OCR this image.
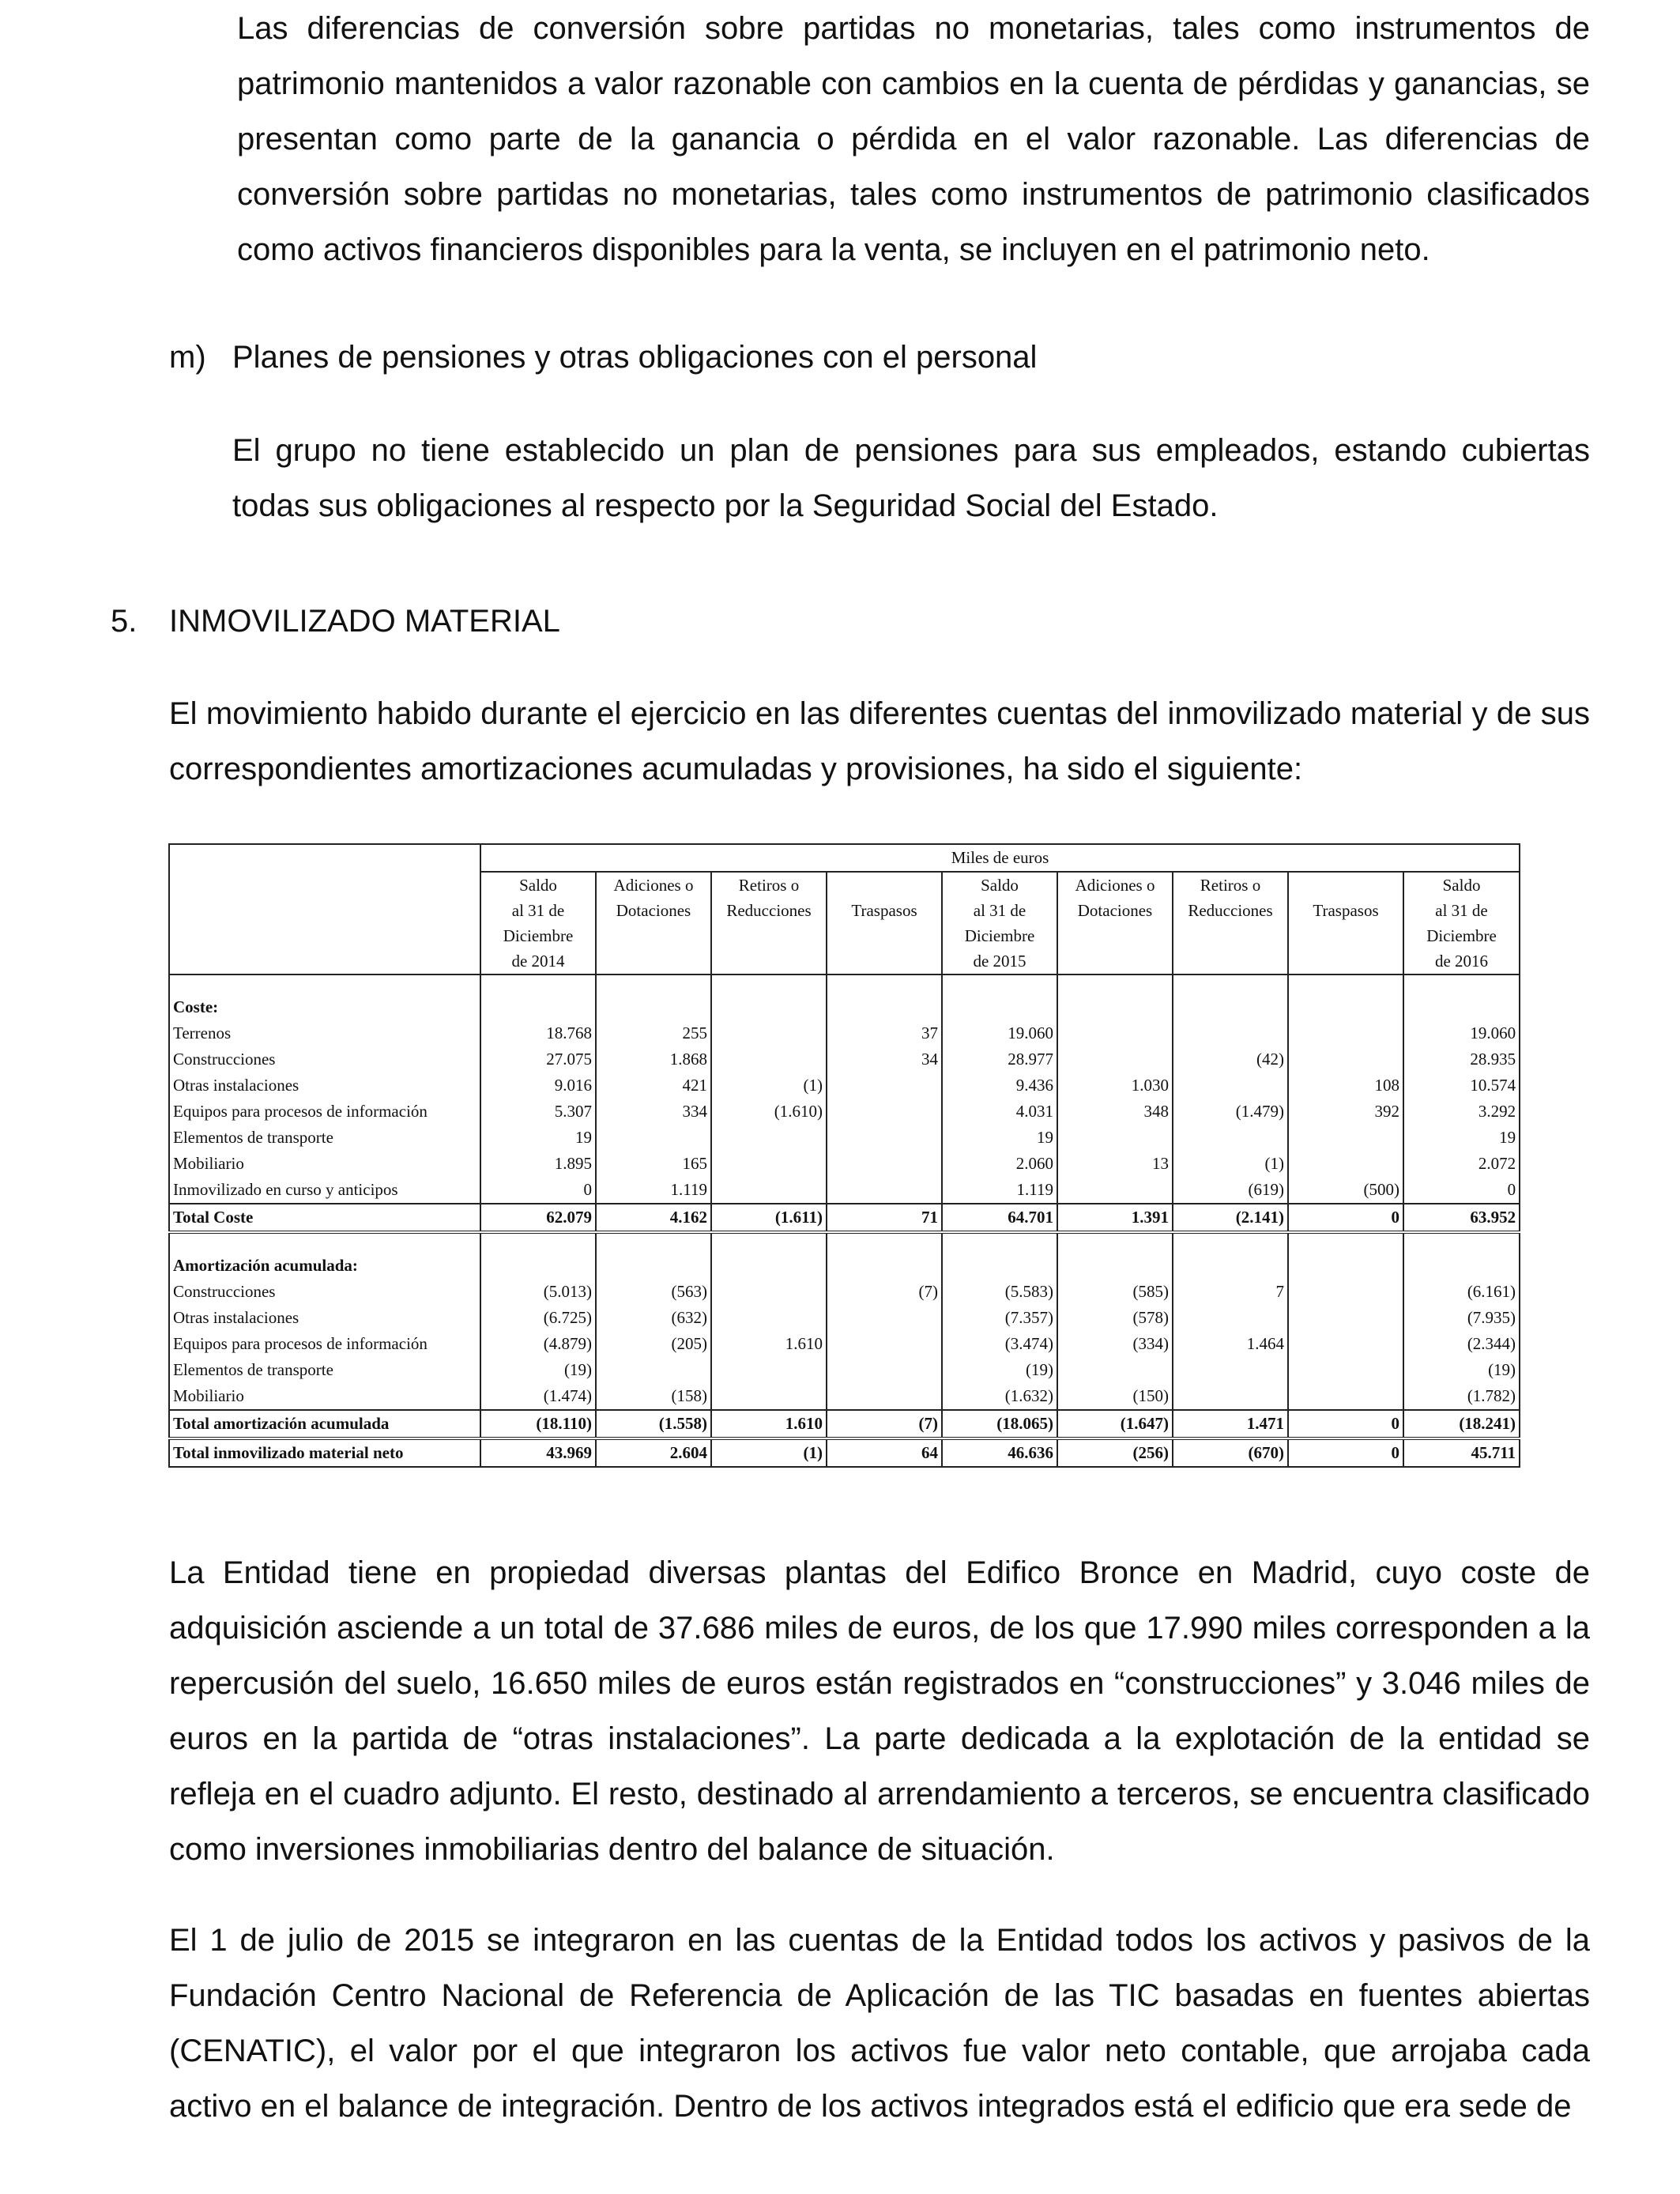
Las diferencias de conversión sobre partidas no monetarias, tales como instrumentos de patrimonio mantenidos a valor razonable con cambios en la cuenta de pérdidas y ganancias, se presentan como parte de la ganancia o pérdida en el valor razonable. Las diferencias de conversión sobre partidas no monetarias, tales como instrumentos de patrimonio clasificados como activos financieros disponibles para la venta, se incluyen en el patrimonio neto.

m) Planes de pensiones y otras obligaciones con el personal

El grupo no tiene establecido un plan de pensiones para sus empleados, estando cubiertas todas sus obligaciones al respecto por la Seguridad Social del Estado.

5. INMOVILIZADO MATERIAL

El movimiento habido durante el ejercicio en las diferentes cuentas del inmovilizado material y de sus correspondientes amortizaciones acumuladas y provisiones, ha sido el siguiente:

	Miles de euros								
	Saldo	Adiciones o	Retiros o		Saldo	Adiciones o	Retiros o		Saldo
	al 31 de	Dotaciones	Reducciones	Traspasos	al 31 de	Dotaciones	Reducciones	Traspasos	al 31 de
	Diciembre				Diciembre				Diciembre
	de 2014				de 2015				de 2016

Coste:									
Terrenos	18.768	255		37	19.060				19.060
Construcciones	27.075	1.868		34	28.977		(42)		28.935
Otras instalaciones	9.016	421	(1)		9.436	1.030		108	10.574
Equipos para procesos de información	5.307	334	(1.610)		4.031	348	(1.479)	392	3.292
Elementos de transporte	19				19				19
Mobiliario	1.895	165			2.060	13	(1)		2.072
Inmovilizado en curso y anticipos	0	1.119			1.119		(619)	(500)	0
Total Coste	62.079	4.162	(1.611)	71	64.701	1.391	(2.141)	0	63.952

Amortización acumulada:									
Construcciones	(5.013)	(563)		(7)	(5.583)	(585)	7		(6.161)
Otras instalaciones	(6.725)	(632)			(7.357)	(578)			(7.935)
Equipos para procesos de información	(4.879)	(205)	1.610		(3.474)	(334)	1.464		(2.344)
Elementos de transporte	(19)				(19)				(19)
Mobiliario	(1.474)	(158)			(1.632)	(150)			(1.782)
Total amortización acumulada	(18.110)	(1.558)	1.610	(7)	(18.065)	(1.647)	1.471	0	(18.241)
Total inmovilizado material neto	43.969	2.604	(1)	64	46.636	(256)	(670)	0	45.711

La Entidad tiene en propiedad diversas plantas del Edifico Bronce en Madrid, cuyo coste de adquisición asciende a un total de 37.686 miles de euros, de los que 17.990 miles corresponden a la repercusión del suelo, 16.650 miles de euros están registrados en “construcciones” y 3.046 miles de euros en la partida de “otras instalaciones”. La parte dedicada a la explotación de la entidad se refleja en el cuadro adjunto. El resto, destinado al arrendamiento a terceros, se encuentra clasificado como inversiones inmobiliarias dentro del balance de situación.

El 1 de julio de 2015 se integraron en las cuentas de la Entidad todos los activos y pasivos de la Fundación Centro Nacional de Referencia de Aplicación de las TIC basadas en fuentes abiertas (CENATIC), el valor por el que integraron los activos fue valor neto contable, que arrojaba cada activo en el balance de integración. Dentro de los activos integrados está el edificio que era sede de
